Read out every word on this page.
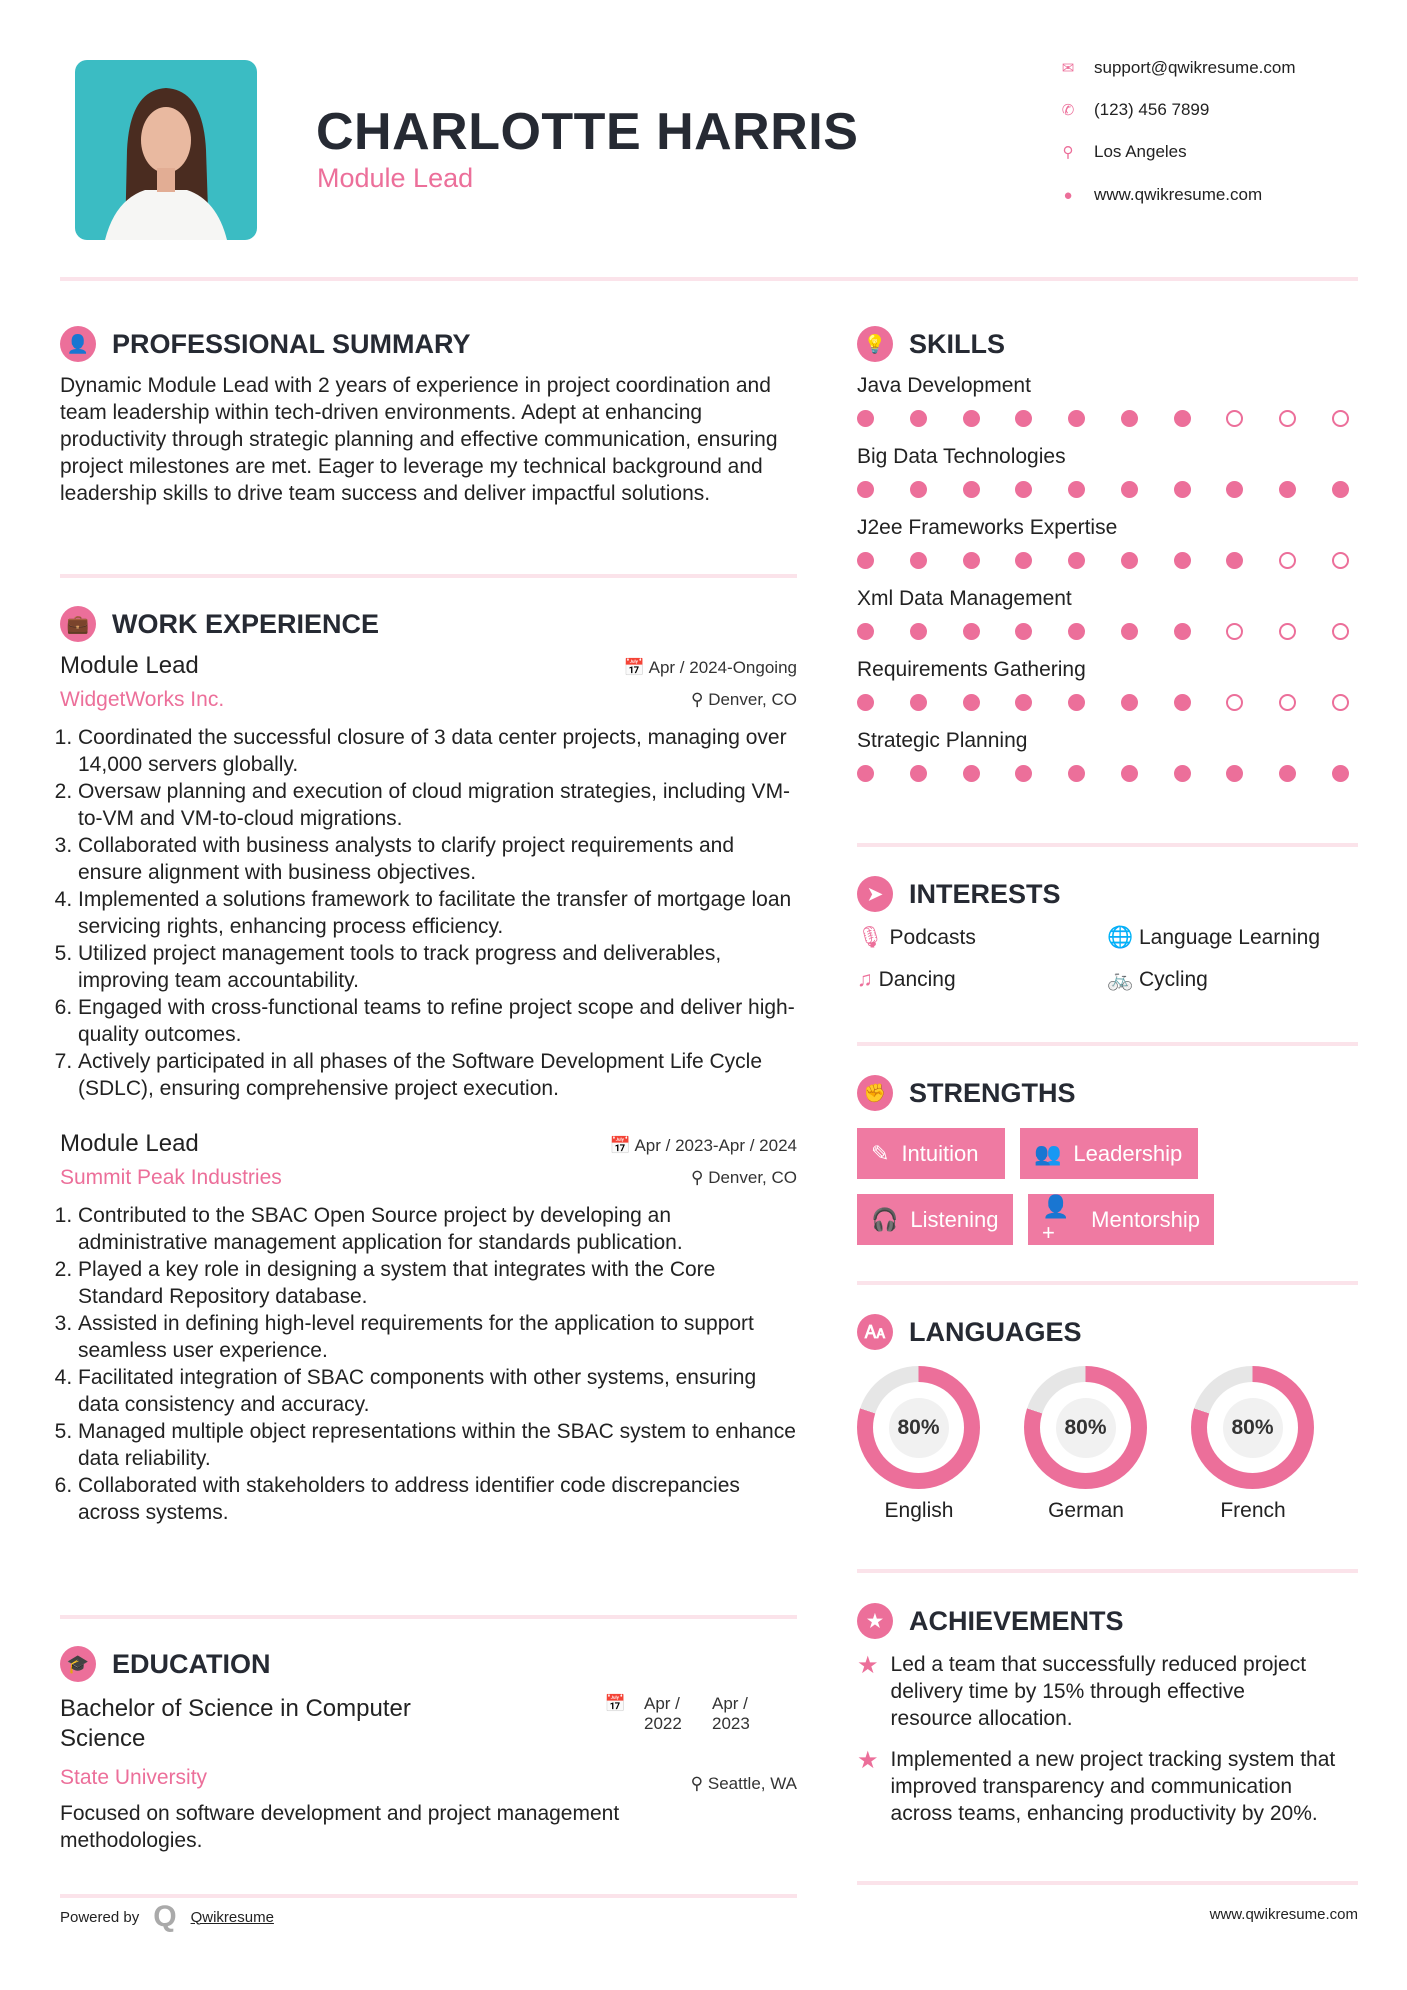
CHARLOTTE HARRIS
Module Lead
✉ support@qwikresume.com
✆ (123) 456 7899
⚲ Los Angeles
● www.qwikresume.com
👤 PROFESSIONAL SUMMARY

Dynamic Module Lead with 2 years of experience in project coordination and team leadership within tech-driven environments. Adept at enhancing productivity through strategic planning and effective communication, ensuring project milestones are met. Eager to leverage my technical background and leadership skills to drive team success and deliver impactful solutions.

💼 WORK EXPERIENCE
Module Lead	📅 Apr / 2024-Ongoing
WidgetWorks Inc.	⚲ Denver, CO
1. Coordinated the successful closure of 3 data center projects, managing over 14,000 servers globally.
2. Oversaw planning and execution of cloud migration strategies, including VM-to-VM and VM-to-cloud migrations.
3. Collaborated with business analysts to clarify project requirements and ensure alignment with business objectives.
4. Implemented a solutions framework to facilitate the transfer of mortgage loan servicing rights, enhancing process efficiency.
5. Utilized project management tools to track progress and deliverables, improving team accountability.
6. Engaged with cross-functional teams to refine project scope and deliver high-quality outcomes.
7. Actively participated in all phases of the Software Development Life Cycle (SDLC), ensuring comprehensive project execution.
Module Lead	📅 Apr / 2023-Apr / 2024
Summit Peak Industries	⚲ Denver, CO
1. Contributed to the SBAC Open Source project by developing an administrative management application for standards publication.
2. Played a key role in designing a system that integrates with the Core Standard Repository database.
3. Assisted in defining high-level requirements for the application to support seamless user experience.
4. Facilitated integration of SBAC components with other systems, ensuring data consistency and accuracy.
5. Managed multiple object representations within the SBAC system to enhance data reliability.
6. Collaborated with stakeholders to address identifier code discrepancies across systems.
🎓 EDUCATION
Bachelor of Science in Computer Science
📅 Apr / 2022
Apr / 2023
State University	⚲ Seattle, WA

Focused on software development and project management methodologies.

Powered by Q Qwikresume	www.qwikresume.com
💡 SKILLS
Java Development
Big Data Technologies
J2ee Frameworks Expertise
Xml Data Management
Requirements Gathering
Strategic Planning
➤ INTERESTS
🎙 Podcasts	🌐 Language Learning
♫ Dancing	🚲 Cycling
✊ STRENGTHS
✎ Intuition	👥 Leadership
🎧 Listening
👤+
Mentorship
🗛 LANGUAGES
80%
English
80%
German
80%
French
★ ACHIEVEMENTS
★ Led a team that successfully reduced project delivery time by 15% through effective resource allocation.
★ Implemented a new project tracking system that improved transparency and communication across teams, enhancing productivity by 20%.
